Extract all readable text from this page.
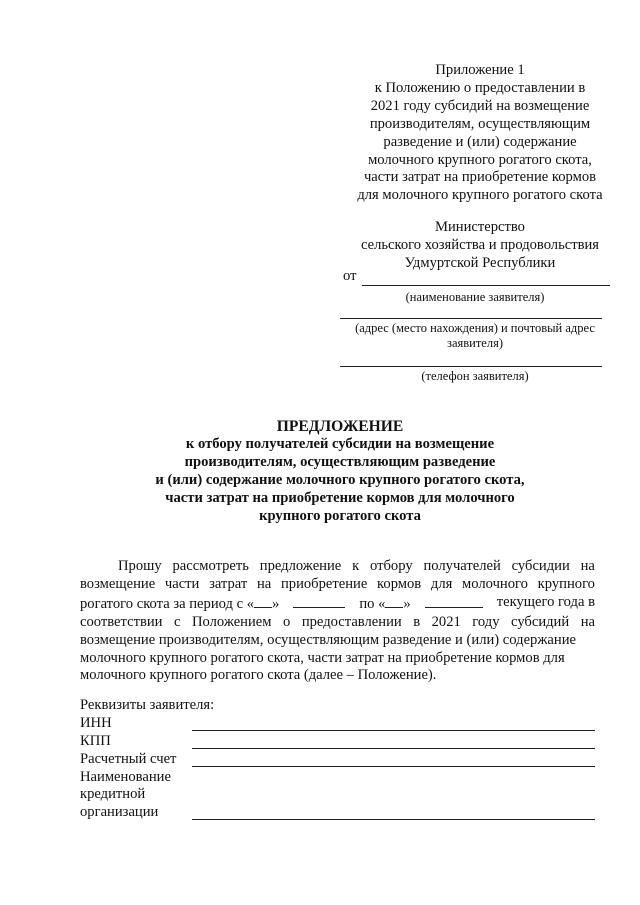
Приложение 1
к Положению о предоставлении в
2021 году субсидий на возмещение
производителям, осуществляющим
разведение и (или) содержание
молочного крупного рогатого скота,
части затрат на приобретение кормов
для молочного крупного рогатого скота
Министерство
сельского хозяйства и продовольствия
Удмуртской Республики
от
(наименование заявителя)
(адрес (место нахождения) и почтовый адрес
заявителя)
(телефон заявителя)
ПРЕДЛОЖЕНИЕ
к отбору получателей субсидии на возмещение
производителям, осуществляющим разведение
и (или) содержание молочного крупного рогатого скота,
части затрат на приобретение кормов для молочного
крупного рогатого скота
Прошу рассмотреть предложение к отбору получателей субсидии на
возмещение части затрат на приобретение кормов для молочного крупного
рогатого скота за период с « »	по « »	текущего года в
соответствии с Положением о предоставлении в 2021 году субсидий на
возмещение производителям, осуществляющим разведение и (или) содержание
молочного крупного рогатого скота, части затрат на приобретение кормов для
молочного крупного рогатого скота (далее – Положение).
Реквизиты заявителя:
ИНН
КПП
Расчетный счет
Наименование
кредитной
организации
